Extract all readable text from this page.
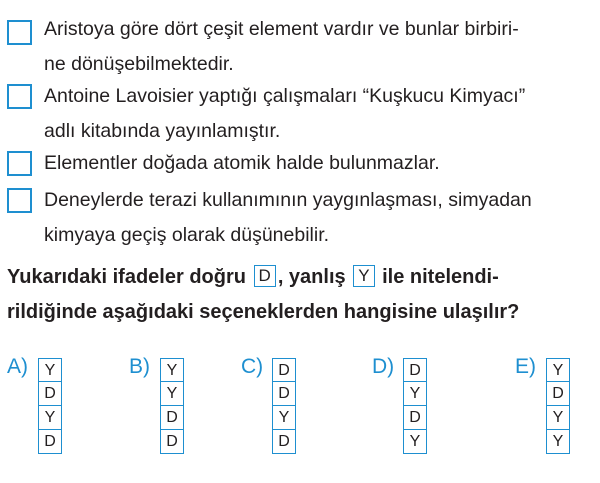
Aristoya göre dört çeşit element vardır ve bunlar birbiri-
ne dönüşebilmektedir.
Antoine Lavoisier yaptığı çalışmaları “Kuşkucu Kimyacı”
adlı kitabında yayınlamıştır.
Elementler doğada atomik halde bulunmazlar.
Deneylerde terazi kullanımının yaygınlaşması, simyadan
kimyaya geçiş olarak düşünebilir.
Yukarıdaki ifadeler doğru D , yanlış Y ile nitelendi-
rildiğinde aşağıdaki seçeneklerden hangisine ulaşılır?
A)	Y
D
Y
D
B)	Y
Y
D
D
C) D
D
Y
D
D) D
Y
D
Y
E)	Y
D
Y
Y
